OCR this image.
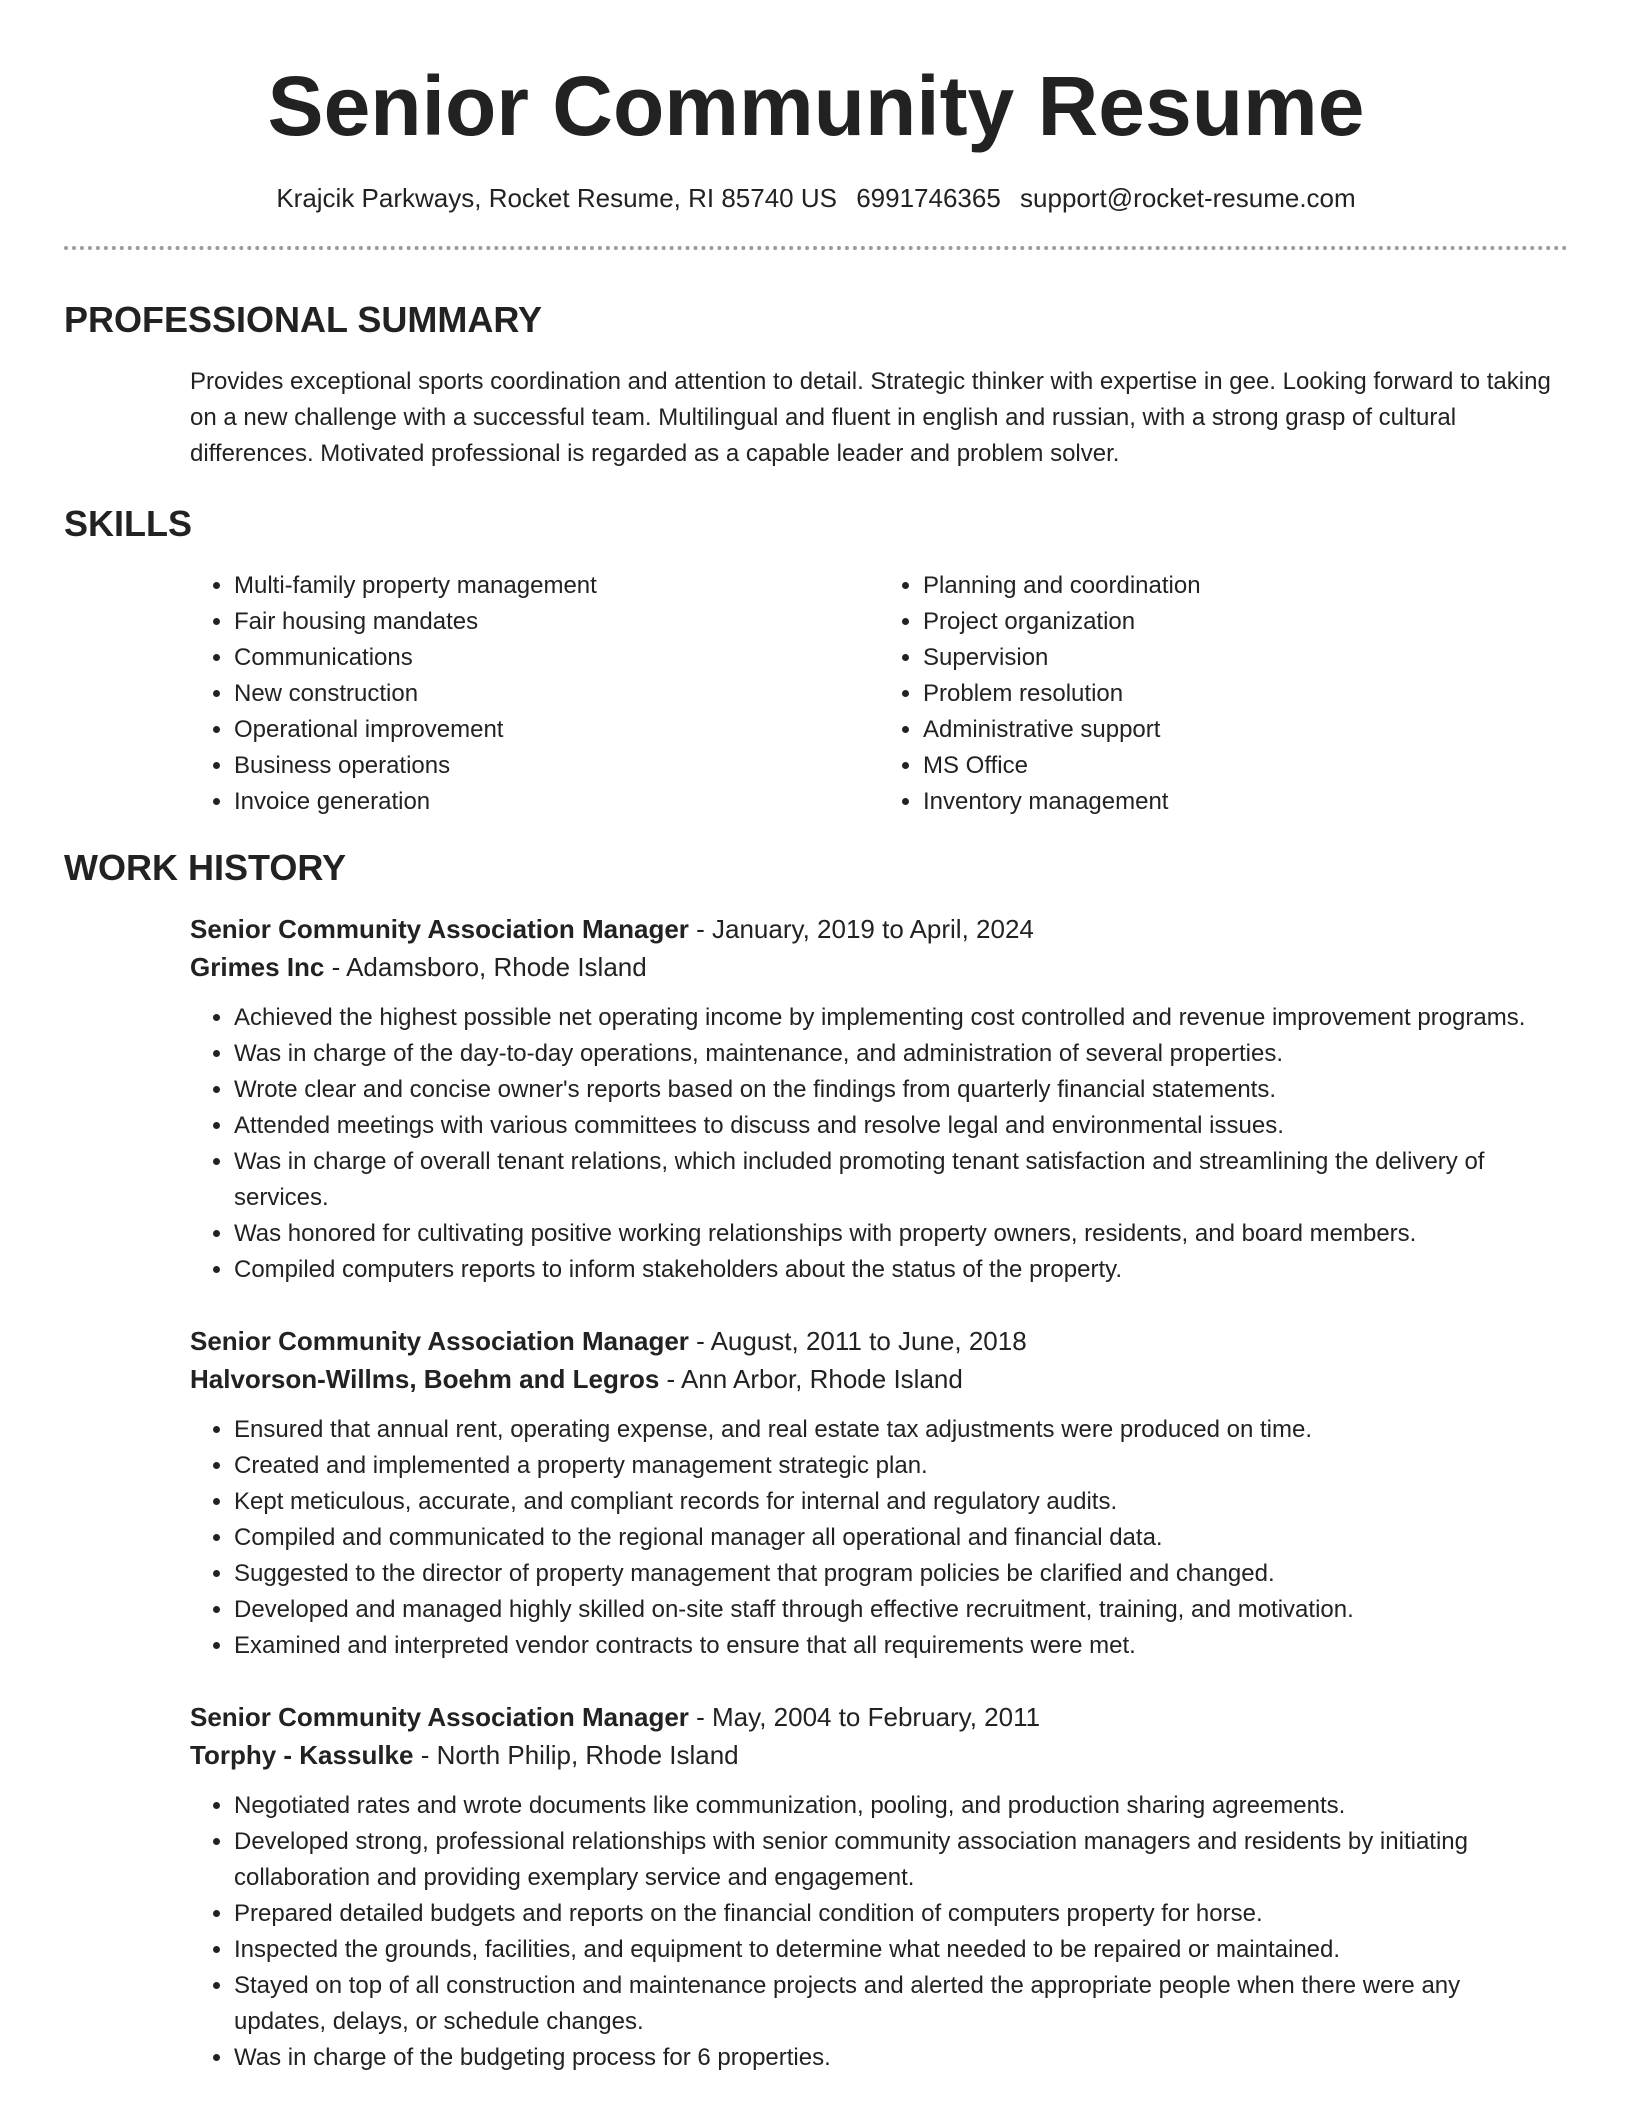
Senior Community Resume
Krajcik Parkways, Rocket Resume, RI 85740 US 6991746365 support@rocket-resume.com
PROFESSIONAL SUMMARY

Provides exceptional sports coordination and attention to detail. Strategic thinker with expertise in gee. Looking forward to taking on a new challenge with a successful team. Multilingual and fluent in english and russian, with a strong grasp of cultural differences. Motivated professional is regarded as a capable leader and problem solver.

SKILLS
• Multi-family property management
• Fair housing mandates
• Communications
• New construction
• Operational improvement
• Business operations
• Invoice generation
• Planning and coordination
• Project organization
• Supervision
• Problem resolution
• Administrative support
• MS Office
• Inventory management
WORK HISTORY
Senior Community Association Manager - January, 2019 to April, 2024
Grimes Inc - Adamsboro, Rhode Island
• Achieved the highest possible net operating income by implementing cost controlled and revenue improvement programs.
• Was in charge of the day-to-day operations, maintenance, and administration of several properties.
• Wrote clear and concise owner's reports based on the findings from quarterly financial statements.
• Attended meetings with various committees to discuss and resolve legal and environmental issues.
• Was in charge of overall tenant relations, which included promoting tenant satisfaction and streamlining the delivery of services.
• Was honored for cultivating positive working relationships with property owners, residents, and board members.
• Compiled computers reports to inform stakeholders about the status of the property.
Senior Community Association Manager - August, 2011 to June, 2018
Halvorson-Willms, Boehm and Legros - Ann Arbor, Rhode Island
• Ensured that annual rent, operating expense, and real estate tax adjustments were produced on time.
• Created and implemented a property management strategic plan.
• Kept meticulous, accurate, and compliant records for internal and regulatory audits.
• Compiled and communicated to the regional manager all operational and financial data.
• Suggested to the director of property management that program policies be clarified and changed.
• Developed and managed highly skilled on-site staff through effective recruitment, training, and motivation.
• Examined and interpreted vendor contracts to ensure that all requirements were met.
Senior Community Association Manager - May, 2004 to February, 2011
Torphy - Kassulke - North Philip, Rhode Island
• Negotiated rates and wrote documents like communization, pooling, and production sharing agreements.
• Developed strong, professional relationships with senior community association managers and residents by initiating collaboration and providing exemplary service and engagement.
• Prepared detailed budgets and reports on the financial condition of computers property for horse.
• Inspected the grounds, facilities, and equipment to determine what needed to be repaired or maintained.
• Stayed on top of all construction and maintenance projects and alerted the appropriate people when there were any updates, delays, or schedule changes.
• Was in charge of the budgeting process for 6 properties.
